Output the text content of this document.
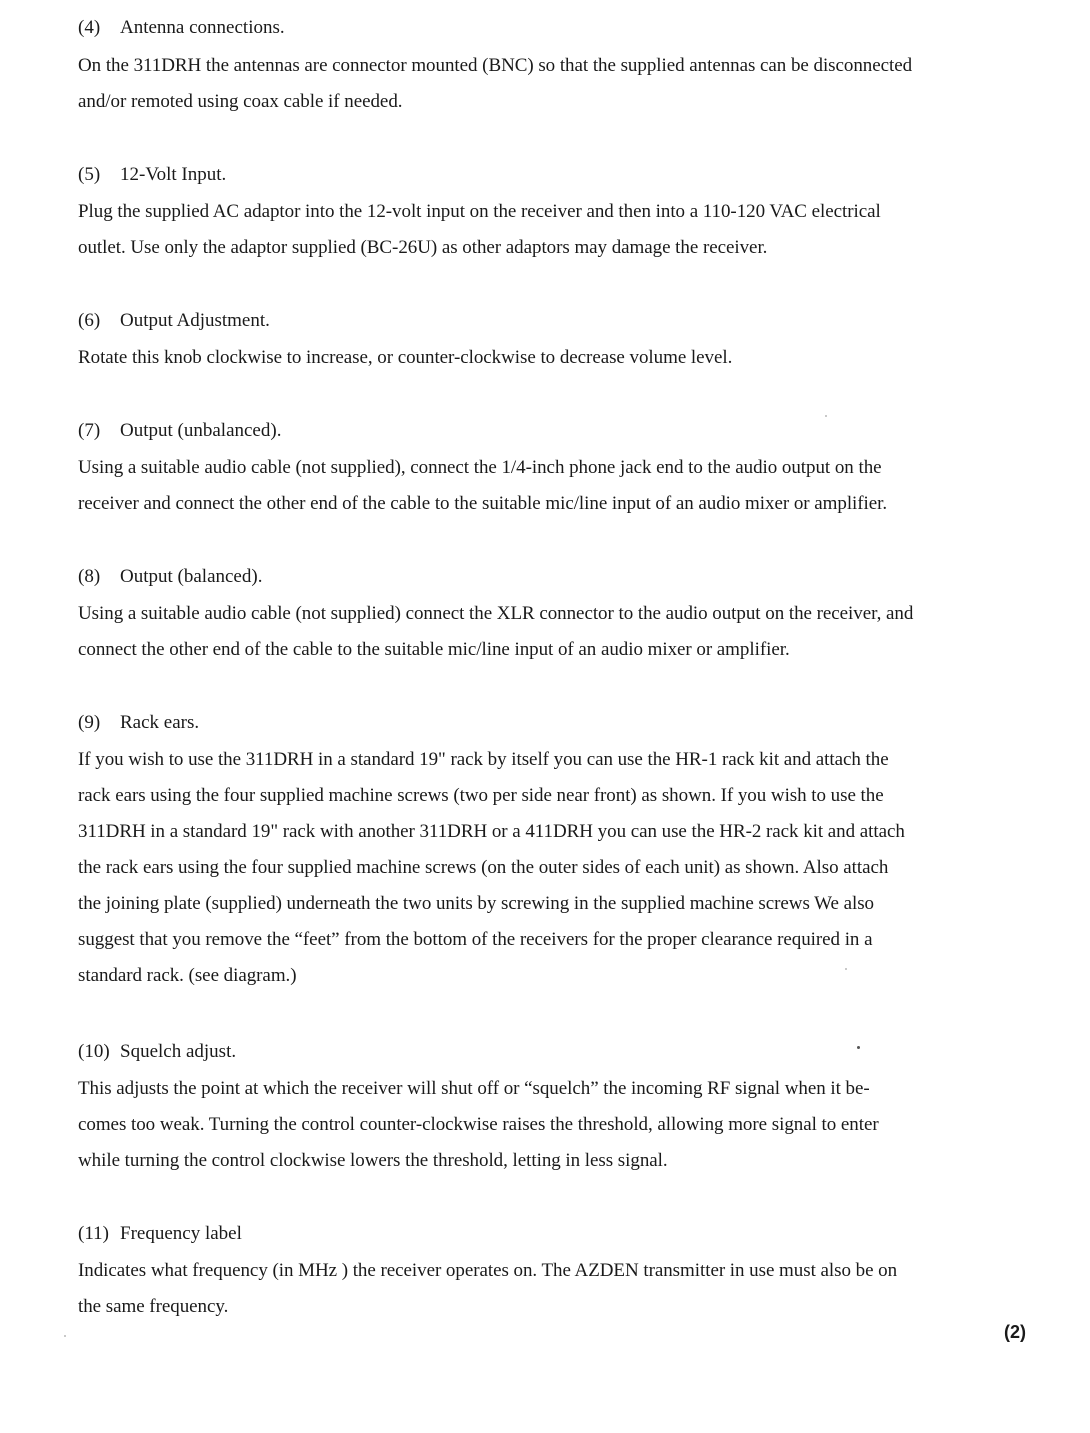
(4) Antenna connections.

On the 311DRH the antennas are connector mounted (BNC) so that the supplied antennas can be disconnected

and/or remoted using coax cable if needed.

(5) 12-Volt Input.

Plug the supplied AC adaptor into the 12-volt input on the receiver and then into a 110-120 VAC electrical

outlet. Use only the adaptor supplied (BC-26U) as other adaptors may damage the receiver.

(6) Output Adjustment.

Rotate this knob clockwise to increase, or counter-clockwise to decrease volume level.

(7) Output (unbalanced).

Using a suitable audio cable (not supplied), connect the 1/4-inch phone jack end to the audio output on the

receiver and connect the other end of the cable to the suitable mic/line input of an audio mixer or amplifier.

(8) Output (balanced).

Using a suitable audio cable (not supplied) connect the XLR connector to the audio output on the receiver, and

connect the other end of the cable to the suitable mic/line input of an audio mixer or amplifier.

(9) Rack ears.

If you wish to use the 311DRH in a standard 19" rack by itself you can use the HR-1 rack kit and attach the

rack ears using the four supplied machine screws (two per side near front) as shown. If you wish to use the

311DRH in a standard 19" rack with another 311DRH or a 411DRH you can use the HR-2 rack kit and attach

the rack ears using the four supplied machine screws (on the outer sides of each unit) as shown. Also attach

the joining plate (supplied) underneath the two units by screwing in the supplied machine screws We also

suggest that you remove the “feet” from the bottom of the receivers for the proper clearance required in a

standard rack. (see diagram.)

(10) Squelch adjust.

This adjusts the point at which the receiver will shut off or “squelch” the incoming RF signal when it be-

comes too weak. Turning the control counter-clockwise raises the threshold, allowing more signal to enter

while turning the control clockwise lowers the threshold, letting in less signal.

(11) Frequency label

Indicates what frequency (in MHz ) the receiver operates on. The AZDEN transmitter in use must also be on

the same frequency.

(2)
